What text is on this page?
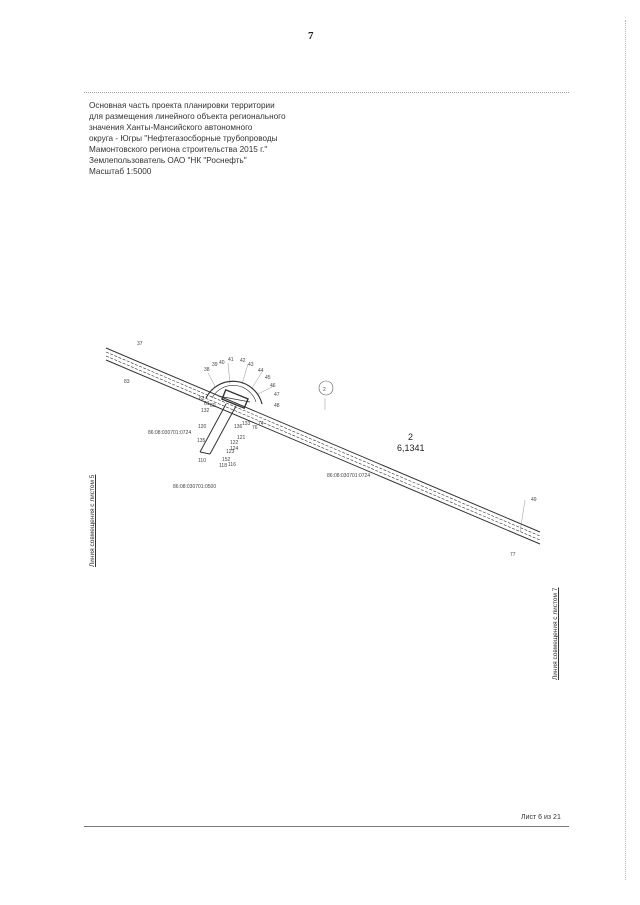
7
Основная часть проекта планировки территории
для размещения линейного объекта регионального
значения Ханты-Мансийского автономного
округа - Югры "Нефтегазосборные трубопроводы
Мамонтовского региона строительства 2015 г."
Землепользователь ОАО "НК "Роснефть"
Масштаб 1:5000
2
2
6,1341
86:08:030701:0724
86:08:030701:0724
86:08:030701:0500
37
83
38
39 40 41 42
43
44
45
46
47
48
62
61 60
132
120
135
136 133
121
122
123
124
152
118 116
110
74
76
77
49
Линия совмещения с листом 5
Линия совмещения с листом 7
Лист 6 из 21
